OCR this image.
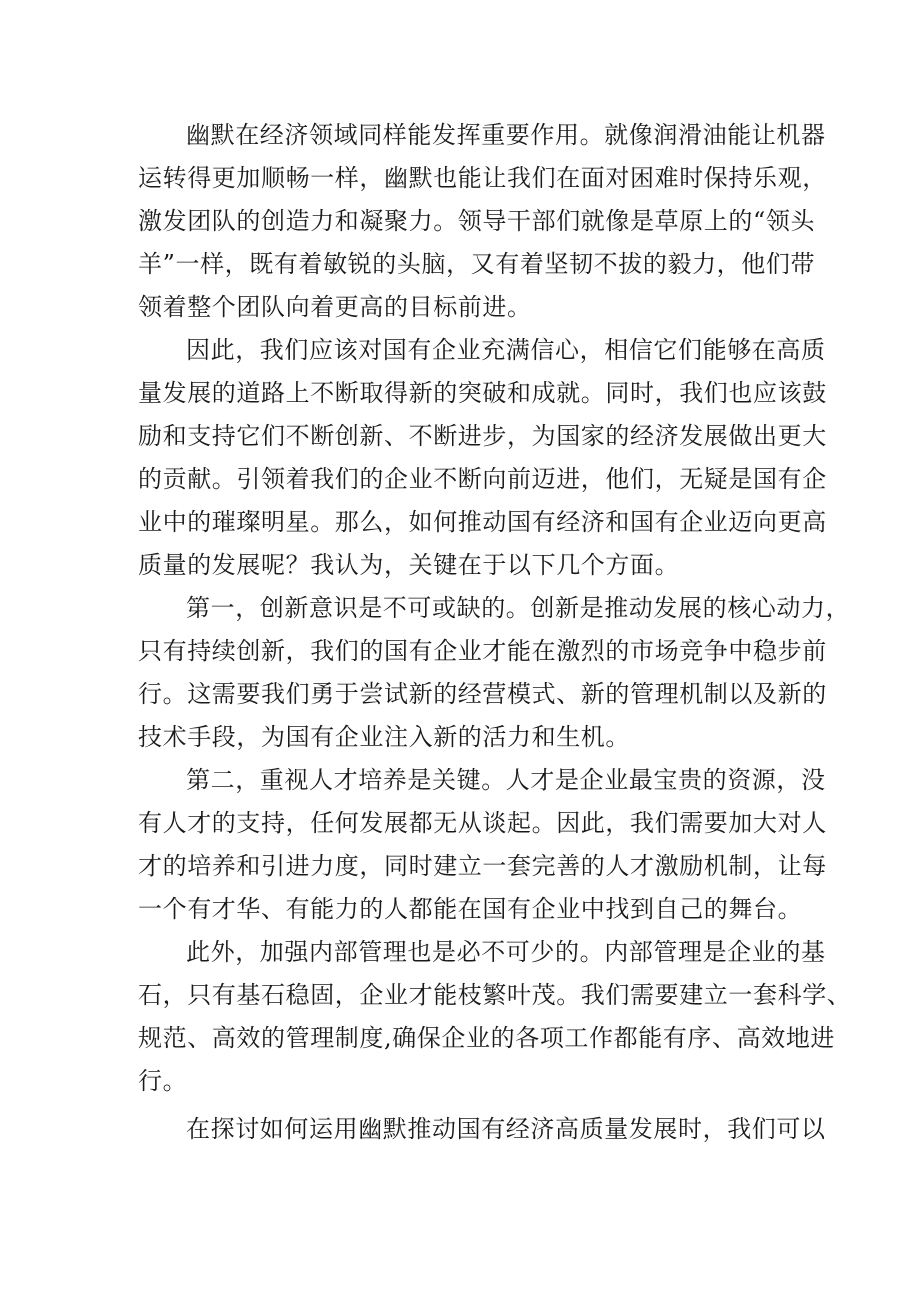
幽默在经济领域同样能发挥重要作用。就像润滑油能让机器
运转得更加顺畅一样，幽默也能让我们在面对困难时保持乐观，
激发团队的创造力和凝聚力。领导干部们就像是草原上的“领头
羊”一样，既有着敏锐的头脑，又有着坚韧不拔的毅力，他们带
领着整个团队向着更高的目标前进。
因此，我们应该对国有企业充满信心，相信它们能够在高质
量发展的道路上不断取得新的突破和成就。同时，我们也应该鼓
励和支持它们不断创新、不断进步，为国家的经济发展做出更大
的贡献。引领着我们的企业不断向前迈进，他们，无疑是国有企
业中的璀璨明星。那么，如何推动国有经济和国有企业迈向更高
质量的发展呢？我认为，关键在于以下几个方面。
第一，创新意识是不可或缺的。创新是推动发展的核心动力，
只有持续创新，我们的国有企业才能在激烈的市场竞争中稳步前
行。这需要我们勇于尝试新的经营模式、新的管理机制以及新的
技术手段，为国有企业注入新的活力和生机。
第二，重视人才培养是关键。人才是企业最宝贵的资源，没
有人才的支持，任何发展都无从谈起。因此，我们需要加大对人
才的培养和引进力度，同时建立一套完善的人才激励机制，让每
一个有才华、有能力的人都能在国有企业中找到自己的舞台。
此外，加强内部管理也是必不可少的。内部管理是企业的基
石，只有基石稳固，企业才能枝繁叶茂。我们需要建立一套科学、
规范、高效的管理制度,确保企业的各项工作都能有序、高效地进
行。
在探讨如何运用幽默推动国有经济高质量发展时，我们可以
